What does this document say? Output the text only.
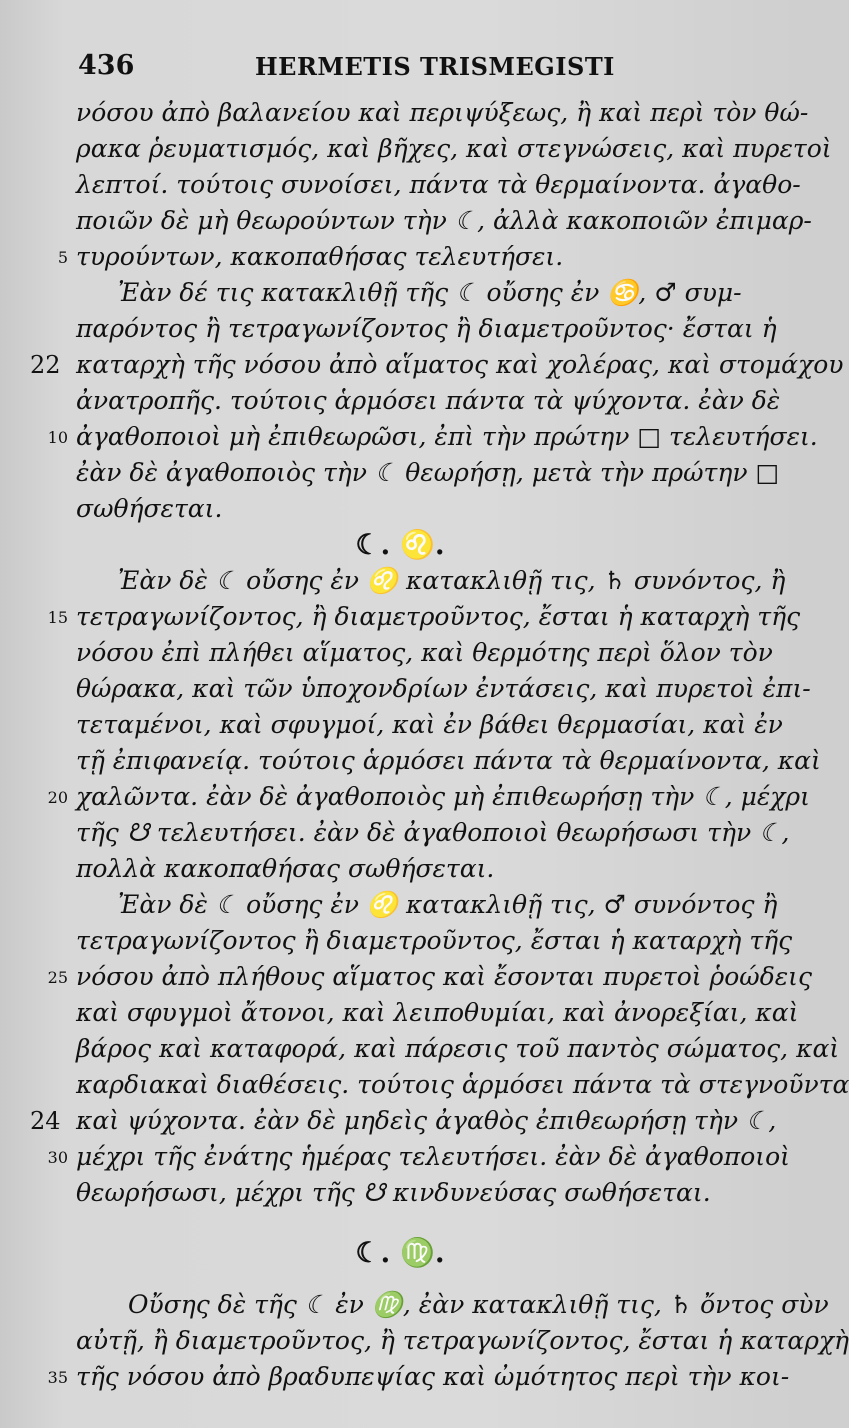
436	HERMETIS TRISMEGISTI
νόσου ἀπὸ βαλανείου καὶ περιψύξεως, ἢ καὶ περὶ τὸν θώ-
ρακα ῥευματισμός, καὶ βῆχες, καὶ στεγνώσεις, καὶ πυρετοὶ
λεπτοί. τούτοις συνοίσει, πάντα τὰ θερμαίνοντα. ἀγαθο-
ποιῶν δὲ μὴ θεωρούντων τὴν ☾, ἀλλὰ κακοποιῶν ἐπιμαρ-
5 τυρούντων, κακοπαθήσας τελευτήσει.
Ἐὰν δέ τις κατακλιθῇ τῆς ☾ οὔσης ἐν ♋, ♂ συμ-
παρόντος ἢ τετραγωνίζοντος ἢ διαμετροῦντος· ἔσται ἡ
22 καταρχὴ τῆς νόσου ἀπὸ αἵματος καὶ χολέρας, καὶ στομάχου
ἀνατροπῆς. τούτοις ἁρμόσει πάντα τὰ ψύχοντα. ἐὰν δὲ
10 ἀγαθοποιοὶ μὴ ἐπιθεωρῶσι, ἐπὶ τὴν πρώτην □ τελευτήσει.
ἐὰν δὲ ἀγαθοποιὸς τὴν ☾ θεωρήσῃ, μετὰ τὴν πρώτην □
σωθήσεται.
☾. ♌.
Ἐὰν δὲ ☾ οὔσης ἐν ♌ κατακλιθῇ τις, ♄ συνόντος, ἢ
15 τετραγωνίζοντος, ἢ διαμετροῦντος, ἔσται ἡ καταρχὴ τῆς
νόσου ἐπὶ πλήθει αἵματος, καὶ θερμότης περὶ ὅλον τὸν
θώρακα, καὶ τῶν ὑποχονδρίων ἐντάσεις, καὶ πυρετοὶ ἐπι-
τεταμένοι, καὶ σφυγμοί, καὶ ἐν βάθει θερμασίαι, καὶ ἐν
τῇ ἐπιφανείᾳ. τούτοις ἁρμόσει πάντα τὰ θερμαίνοντα, καὶ
20 χαλῶντα. ἐὰν δὲ ἀγαθοποιὸς μὴ ἐπιθεωρήσῃ τὴν ☾, μέχρι
τῆς ☋ τελευτήσει. ἐὰν δὲ ἀγαθοποιοὶ θεωρήσωσι τὴν ☾,
πολλὰ κακοπαθήσας σωθήσεται.
Ἐὰν δὲ ☾ οὔσης ἐν ♌ κατακλιθῇ τις, ♂ συνόντος ἢ
τετραγωνίζοντος ἢ διαμετροῦντος, ἔσται ἡ καταρχὴ τῆς
25 νόσου ἀπὸ πλήθους αἵματος καὶ ἔσονται πυρετοὶ ῥοώδεις
καὶ σφυγμοὶ ἄτονοι, καὶ λειποθυμίαι, καὶ ἀνορεξίαι, καὶ
βάρος καὶ καταφορά, καὶ πάρεσις τοῦ παντὸς σώματος, καὶ
καρδιακαὶ διαθέσεις. τούτοις ἁρμόσει πάντα τὰ στεγνοῦντα
24 καὶ ψύχοντα. ἐὰν δὲ μηδεὶς ἀγαθὸς ἐπιθεωρήσῃ τὴν ☾,
30 μέχρι τῆς ἐνάτης ἡμέρας τελευτήσει. ἐὰν δὲ ἀγαθοποιοὶ
θεωρήσωσι, μέχρι τῆς ☋ κινδυνεύσας σωθήσεται.
☾. ♍.
Οὔσης δὲ τῆς ☾ ἐν ♍, ἐὰν κατακλιθῇ τις, ♄ ὄντος σὺν
αὐτῇ, ἢ διαμετροῦντος, ἢ τετραγωνίζοντος, ἔσται ἡ καταρχὴ
35 τῆς νόσου ἀπὸ βραδυπεψίας καὶ ὠμότητος περὶ τὴν κοι-
